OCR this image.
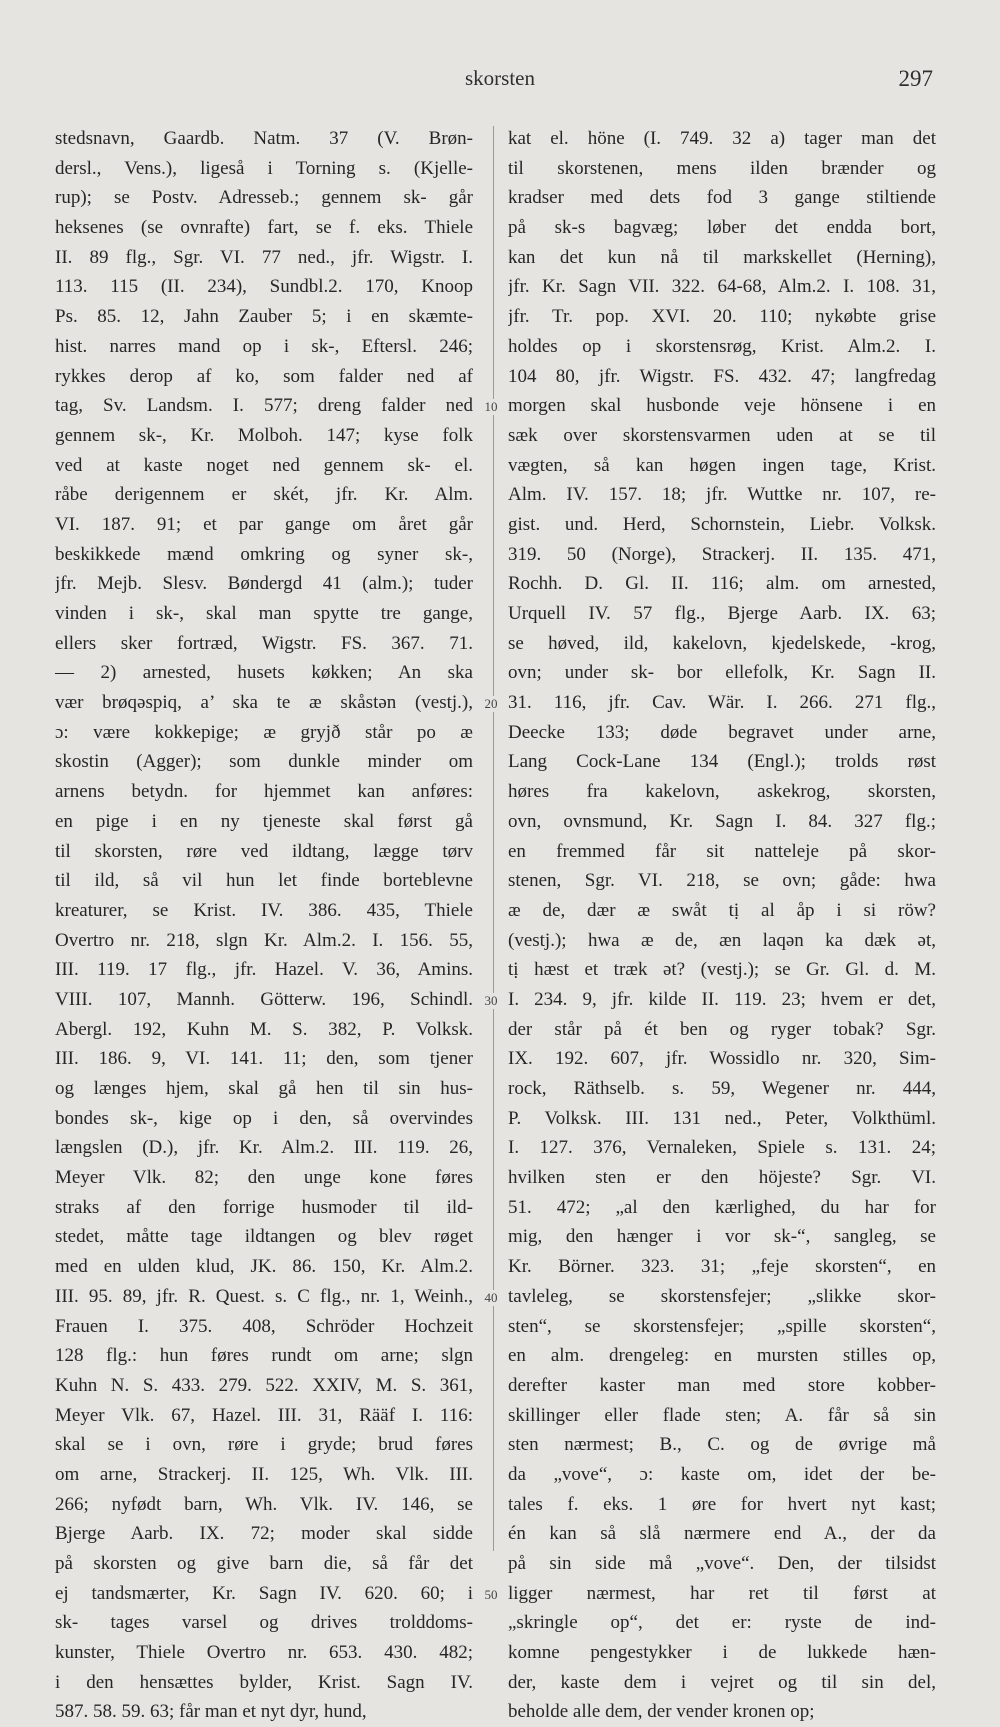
skorsten	297
stedsnavn, Gaardb. Natm. 37 (V. Brøn-
dersl., Vens.), ligeså i Torning s. (Kjelle-
rup); se Postv. Adresseb.; gennem sk- går
heksenes (se ovnrafte) fart, se f. eks. Thiele
II. 89 flg., Sgr. VI. 77 ned., jfr. Wigstr. I.
113. 115 (II. 234), Sundbl.2. 170, Knoop
Ps. 85. 12, Jahn Zauber 5; i en skæmte-
hist. narres mand op i sk-, Eftersl. 246;
rykkes derop af ko, som falder ned af
tag, Sv. Landsm. I. 577; dreng falder ned
gennem sk-, Kr. Molboh. 147; kyse folk
ved at kaste noget ned gennem sk- el.
råbe derigennem er skét, jfr. Kr. Alm.
VI. 187. 91; et par gange om året går
beskikkede mænd omkring og syner sk-,
jfr. Mejb. Slesv. Bøndergd 41 (alm.); tuder
vinden i sk-, skal man spytte tre gange,
ellers sker fortræd, Wigstr. FS. 367. 71.
— 2) arnested, husets køkken; An ska
vær brøqəspiq, a’ ska te æ skåstən (vestj.),
ɔ: være kokkepige; æ gryjð står po æ
skostin (Agger); som dunkle minder om
arnens betydn. for hjemmet kan anføres:
en pige i en ny tjeneste skal først gå
til skorsten, røre ved ildtang, lægge tørv
til ild, så vil hun let finde borteblevne
kreaturer, se Krist. IV. 386. 435, Thiele
Overtro nr. 218, slgn Kr. Alm.2. I. 156. 55,
III. 119. 17 flg., jfr. Hazel. V. 36, Amins.
VIII. 107, Mannh. Götterw. 196, Schindl.
Abergl. 192, Kuhn M. S. 382, P. Volksk.
III. 186. 9, VI. 141. 11; den, som tjener
og længes hjem, skal gå hen til sin hus-
bondes sk-, kige op i den, så overvindes
længslen (D.), jfr. Kr. Alm.2. III. 119. 26,
Meyer Vlk. 82; den unge kone føres
straks af den forrige husmoder til ild-
stedet, måtte tage ildtangen og blev røget
med en ulden klud, JK. 86. 150, Kr. Alm.2.
III. 95. 89, jfr. R. Quest. s. C flg., nr. 1, Weinh.,
Frauen I. 375. 408, Schröder Hochzeit
128 flg.: hun føres rundt om arne; slgn
Kuhn N. S. 433. 279. 522. XXIV, M. S. 361,
Meyer Vlk. 67, Hazel. III. 31, Rääf I. 116:
skal se i ovn, røre i gryde; brud føres
om arne, Strackerj. II. 125, Wh. Vlk. III.
266; nyfødt barn, Wh. Vlk. IV. 146, se
Bjerge Aarb. IX. 72; moder skal sidde
på skorsten og give barn die, så får det
ej tandsmærter, Kr. Sagn IV. 620. 60; i
sk- tages varsel og drives trolddoms-
kunster, Thiele Overtro nr. 653. 430. 482;
i den hensættes bylder, Krist. Sagn IV.
587. 58. 59. 63; får man et nyt dyr, hund,
kat el. höne (I. 749. 32 a) tager man det
til skorstenen, mens ilden brænder og
kradser med dets fod 3 gange stiltiende
på sk-s bagvæg; løber det endda bort,
kan det kun nå til markskellet (Herning),
jfr. Kr. Sagn VII. 322. 64-68, Alm.2. I. 108. 31,
jfr. Tr. pop. XVI. 20. 110; nykøbte grise
holdes op i skorstensrøg, Krist. Alm.2. I.
104 80, jfr. Wigstr. FS. 432. 47; langfredag
morgen skal husbonde veje hönsene i en
sæk over skorstensvarmen uden at se til
vægten, så kan høgen ingen tage, Krist.
Alm. IV. 157. 18; jfr. Wuttke nr. 107, re-
gist. und. Herd, Schornstein, Liebr. Volksk.
319. 50 (Norge), Strackerj. II. 135. 471,
Rochh. D. Gl. II. 116; alm. om arnested,
Urquell IV. 57 flg., Bjerge Aarb. IX. 63;
se høved, ild, kakelovn, kjedelskede, -krog,
ovn; under sk- bor ellefolk, Kr. Sagn II.
31. 116, jfr. Cav. Wär. I. 266. 271 flg.,
Deecke 133; døde begravet under arne,
Lang Cock-Lane 134 (Engl.); trolds røst
høres fra kakelovn, askekrog, skorsten,
ovn, ovnsmund, Kr. Sagn I. 84. 327 flg.;
en fremmed får sit natteleje på skor-
stenen, Sgr. VI. 218, se ovn; gåde: hwa
æ de, dær æ swåt tị al åp i si röw?
(vestj.); hwa æ de, æn laqən ka dæk ət,
tị hæst et træk ət? (vestj.); se Gr. Gl. d. M.
I. 234. 9, jfr. kilde II. 119. 23; hvem er det,
der står på ét ben og ryger tobak? Sgr.
IX. 192. 607, jfr. Wossidlo nr. 320, Sim-
rock, Räthselb. s. 59, Wegener nr. 444,
P. Volksk. III. 131 ned., Peter, Volkthüml.
I. 127. 376, Vernaleken, Spiele s. 131. 24;
hvilken sten er den höjeste? Sgr. VI.
51. 472; „al den kærlighed, du har for
mig, den hænger i vor sk-“, sangleg, se
Kr. Börner. 323. 31; „feje skorsten“, en
tavleleg, se skorstensfejer; „slikke skor-
sten“, se skorstensfejer; „spille skorsten“,
en alm. drengeleg: en mursten stilles op,
derefter kaster man med store kobber-
skillinger eller flade sten; A. får så sin
sten nærmest; B., C. og de øvrige må
da „vove“, ɔ: kaste om, idet der be-
tales f. eks. 1 øre for hvert nyt kast;
én kan så slå nærmere end A., der da
på sin side må „vove“. Den, der tilsidst
ligger nærmest, har ret til først at
„skringle op“, det er: ryste de ind-
komne pengestykker i de lukkede hæn-
der, kaste dem i vejret og til sin del,
beholde alle dem, der vender kronen op;
10
20
30
40
50
